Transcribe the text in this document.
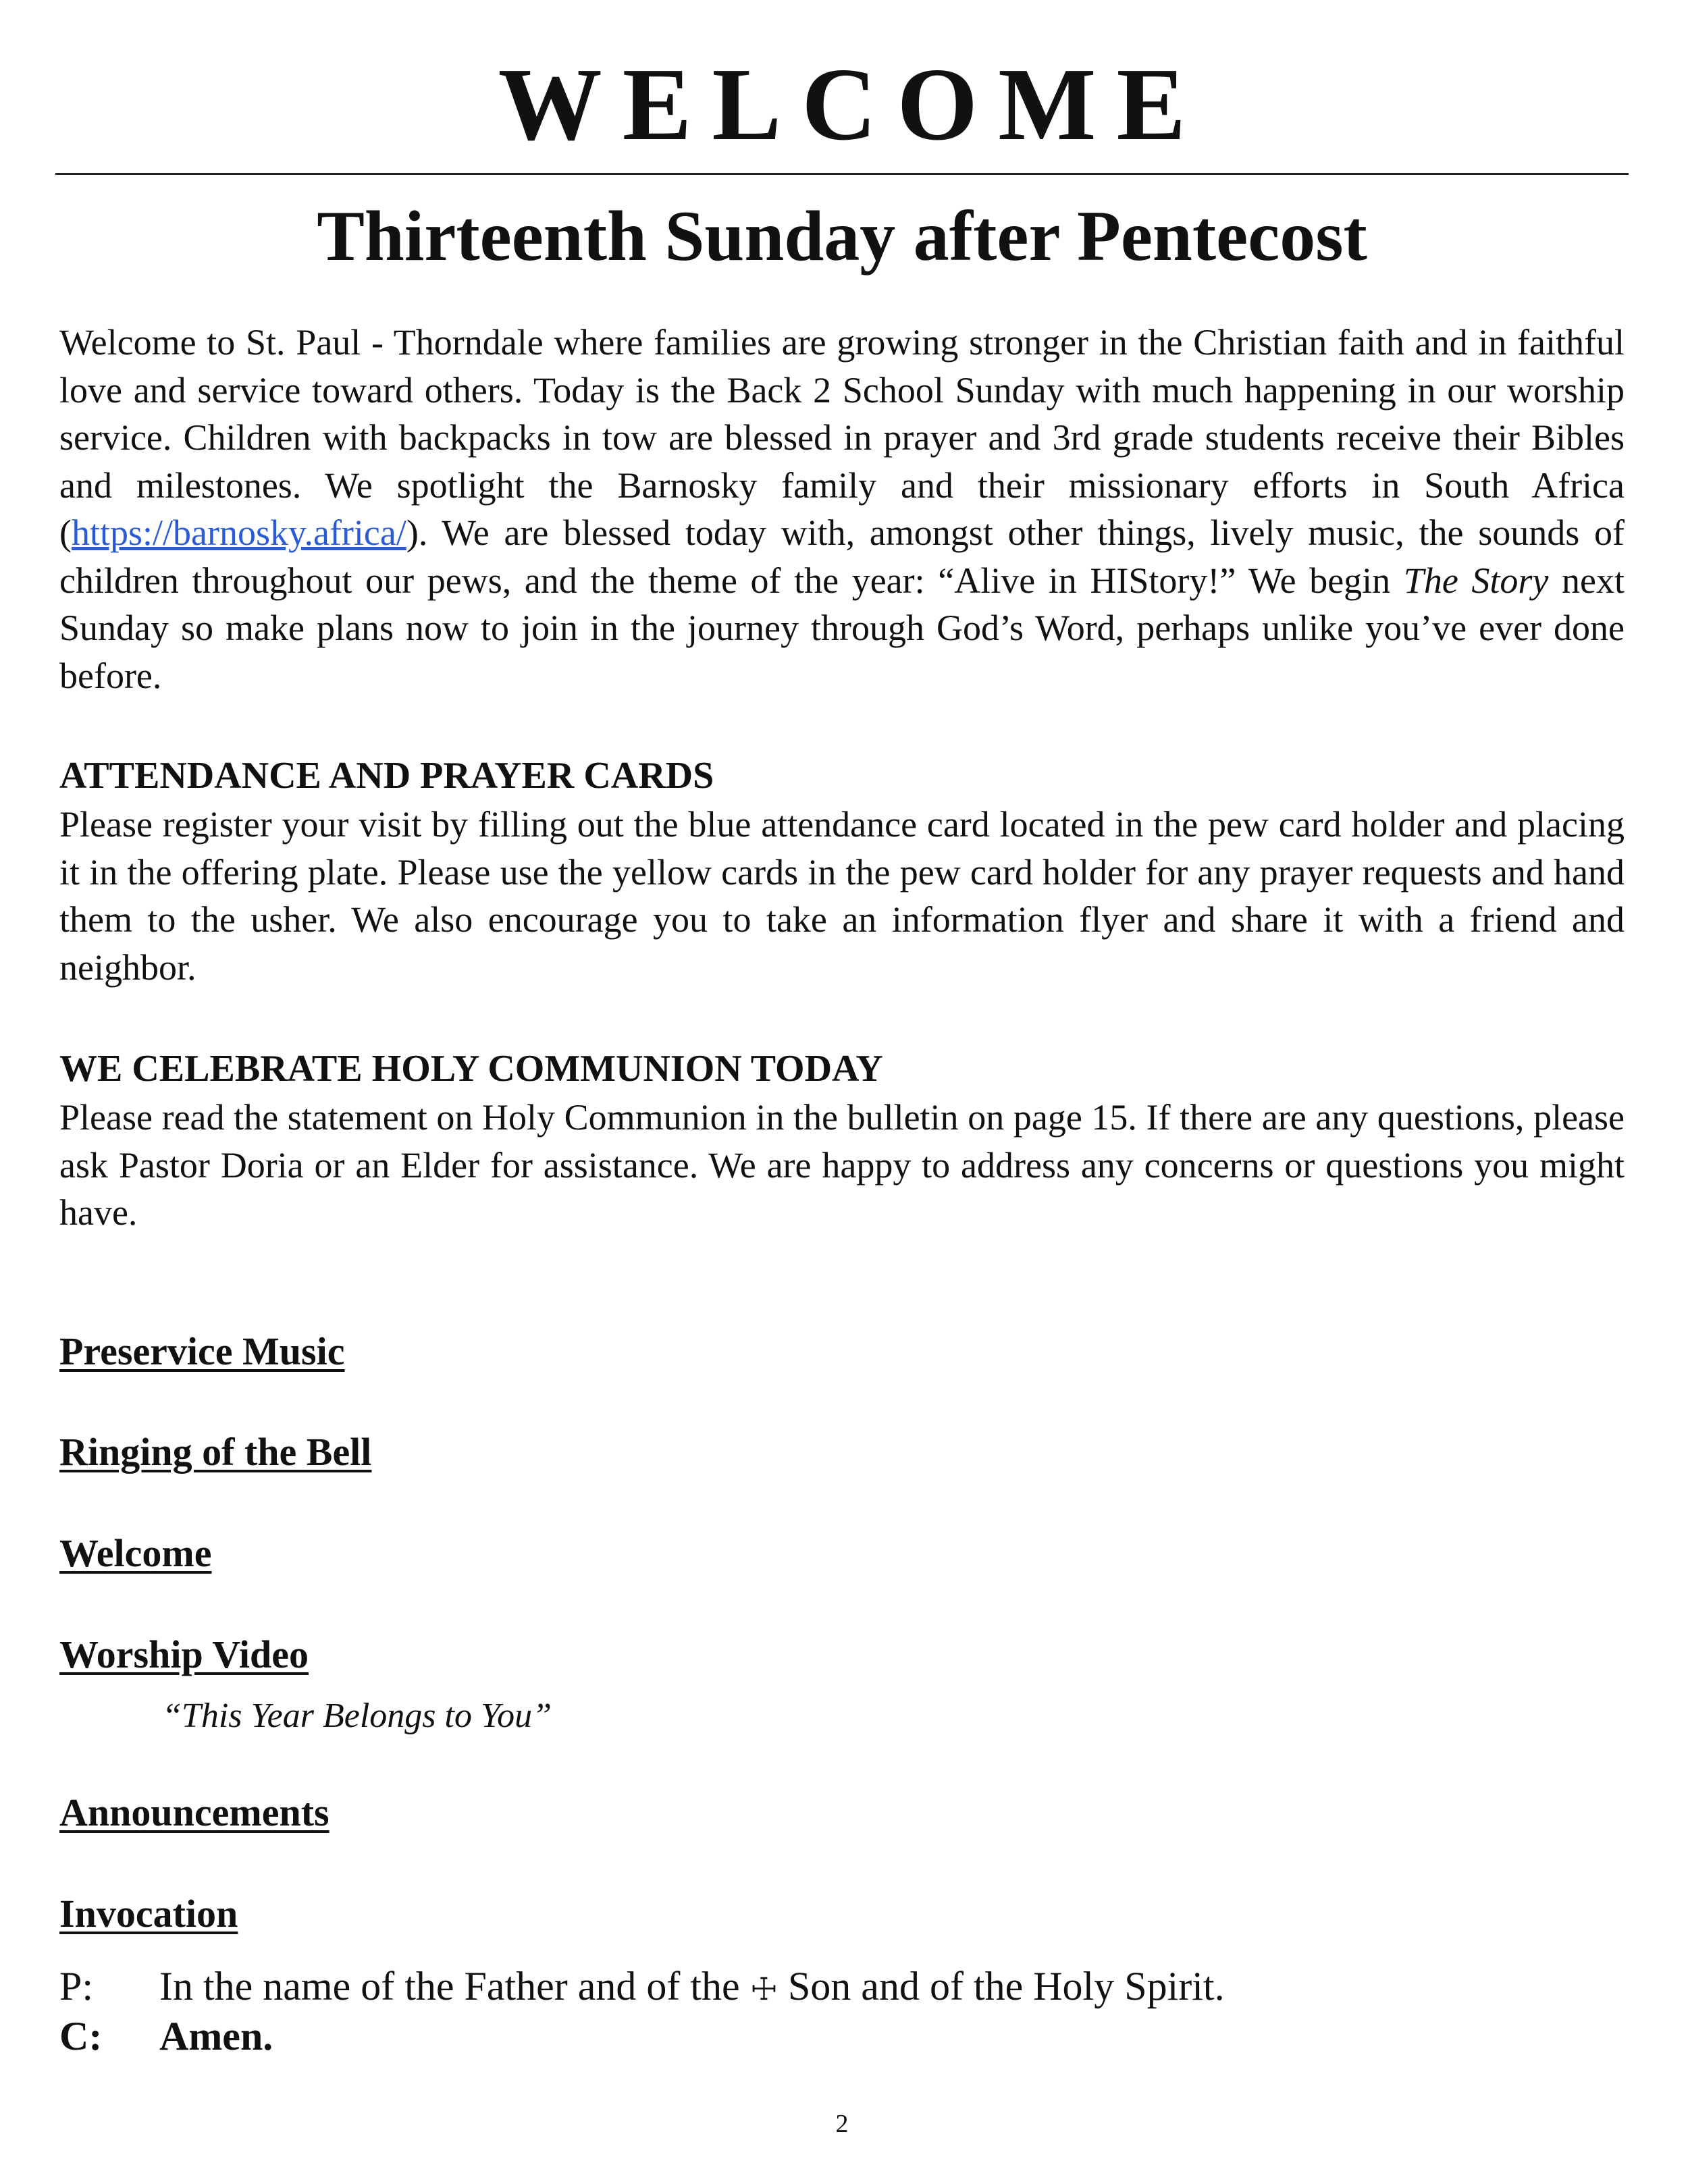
WELCOME
Thirteenth Sunday after Pentecost

Welcome to St. Paul - Thorndale where families are growing stronger in the Christian faith and in faithful love and service toward others. Today is the Back 2 School Sunday with much happening in our worship service. Children with backpacks in tow are blessed in prayer and 3rd grade students receive their Bibles and milestones. We spotlight the Barnosky family and their missionary efforts in South Africa (https://barnosky.africa/). We are blessed today with, amongst other things, lively music, the sounds of children throughout our pews, and the theme of the year: “Alive in HIStory!” We begin The Story next Sunday so make plans now to join in the journey through God’s Word, perhaps unlike you’ve ever done before.

ATTENDANCE AND PRAYER CARDS

Please register your visit by filling out the blue attendance card located in the pew card holder and placing it in the offering plate. Please use the yellow cards in the pew card holder for any prayer requests and hand them to the usher. We also encourage you to take an information flyer and share it with a friend and neighbor.

WE CELEBRATE HOLY COMMUNION TODAY

Please read the statement on Holy Communion in the bulletin on page 15. If there are any questions, please ask Pastor Doria or an Elder for assistance. We are happy to address any concerns or questions you might have.

Preservice Music
Ringing of the Bell
Welcome
Worship Video
“This Year Belongs to You”
Announcements
Invocation
P:	In the name of the Father and of the ☩ Son and of the Holy Spirit.
C:	Amen.
2
